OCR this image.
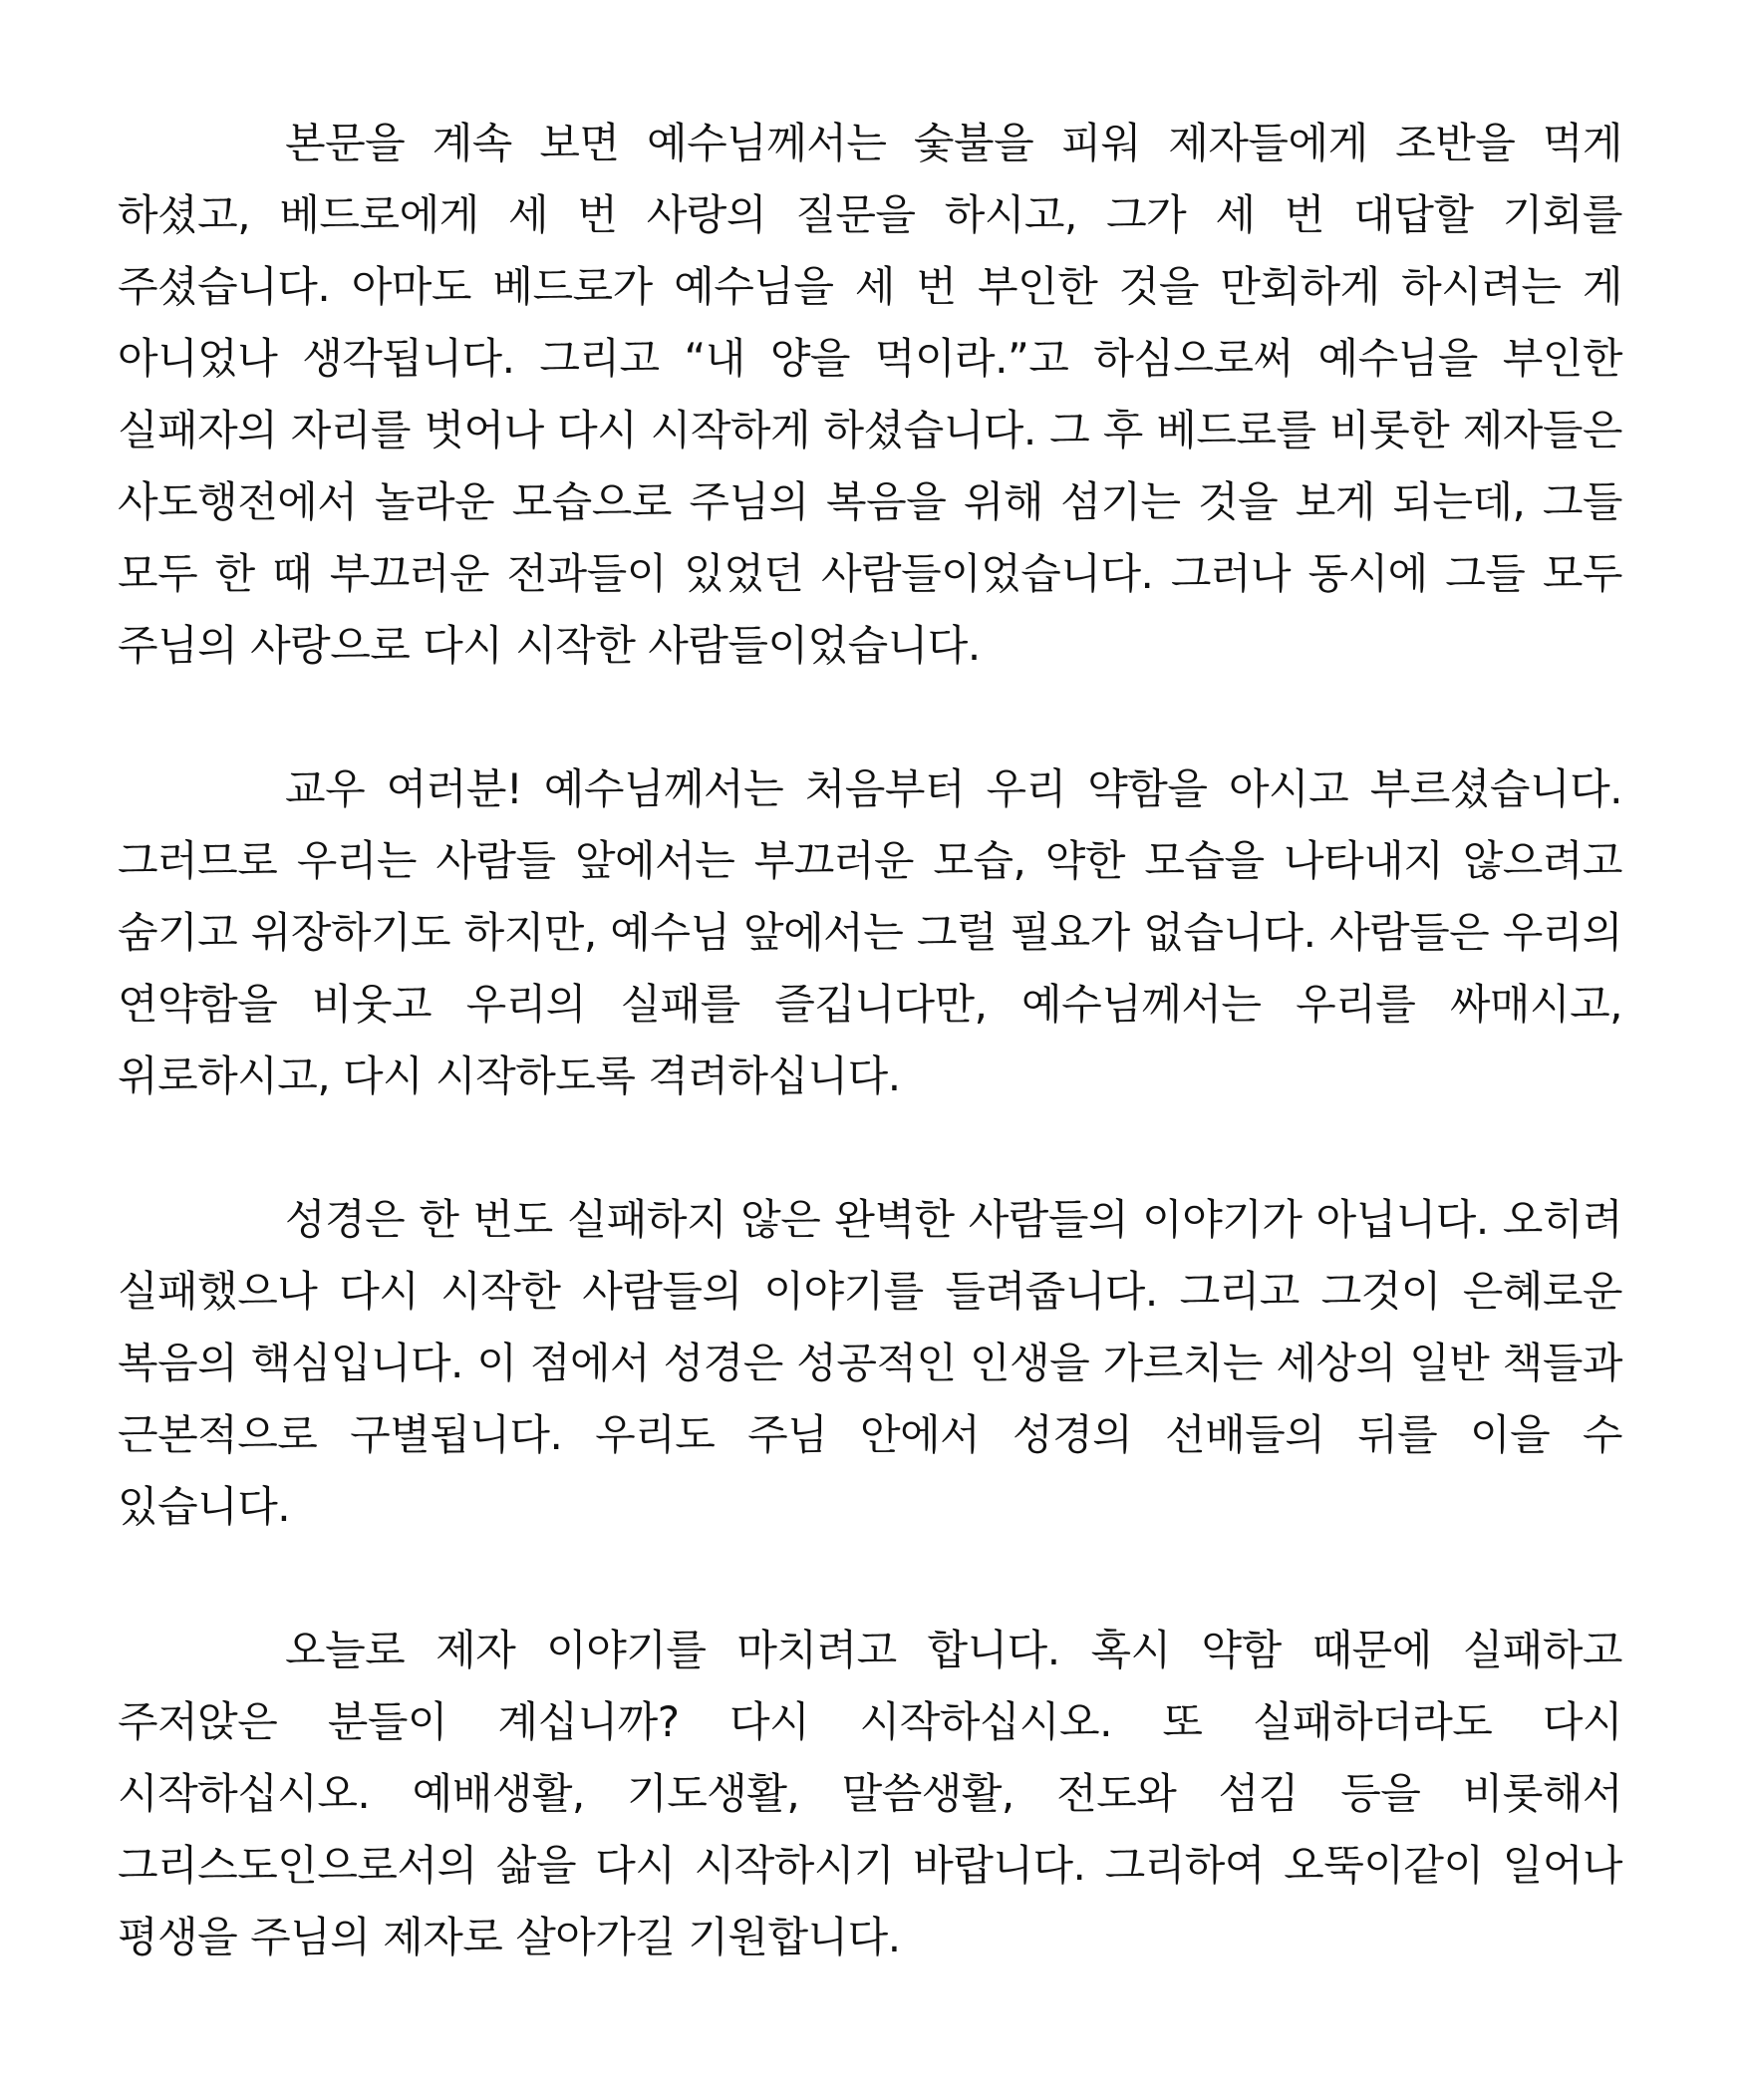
본문을 계속 보면 예수님께서는 숯불을 피워 제자들에게 조반을 먹게 하셨고, 베드로에게 세 번 사랑의 질문을 하시고, 그가 세 번 대답할 기회를 주셨습니다. 아마도 베드로가 예수님을 세 번 부인한 것을 만회하게 하시려는 게 아니었나 생각됩니다. 그리고 “내 양을 먹이라.”고 하심으로써 예수님을 부인한 실패자의 자리를 벗어나 다시 시작하게 하셨습니다. 그 후 베드로를 비롯한 제자들은 사도행전에서 놀라운 모습으로 주님의 복음을 위해 섬기는 것을 보게 되는데, 그들 모두 한 때 부끄러운 전과들이 있었던 사람들이었습니다. 그러나 동시에 그들 모두 주님의 사랑으로 다시 시작한 사람들이었습니다.

교우 여러분! 예수님께서는 처음부터 우리 약함을 아시고 부르셨습니다. 그러므로 우리는 사람들 앞에서는 부끄러운 모습, 약한 모습을 나타내지 않으려고 숨기고 위장하기도 하지만, 예수님 앞에서는 그럴 필요가 없습니다. 사람들은 우리의 연약함을 비웃고 우리의 실패를 즐깁니다만, 예수님께서는 우리를 싸매시고, 위로하시고, 다시 시작하도록 격려하십니다.

성경은 한 번도 실패하지 않은 완벽한 사람들의 이야기가 아닙니다. 오히려 실패했으나 다시 시작한 사람들의 이야기를 들려줍니다. 그리고 그것이 은혜로운 복음의 핵심입니다. 이 점에서 성경은 성공적인 인생을 가르치는 세상의 일반 책들과 근본적으로 구별됩니다. 우리도 주님 안에서 성경의 선배들의 뒤를 이을 수 있습니다.

오늘로 제자 이야기를 마치려고 합니다. 혹시 약함 때문에 실패하고 주저앉은 분들이 계십니까? 다시 시작하십시오. 또 실패하더라도 다시 시작하십시오. 예배생활, 기도생활, 말씀생활, 전도와 섬김 등을 비롯해서 그리스도인으로서의 삶을 다시 시작하시기 바랍니다. 그리하여 오뚝이같이 일어나 평생을 주님의 제자로 살아가길 기원합니다.
